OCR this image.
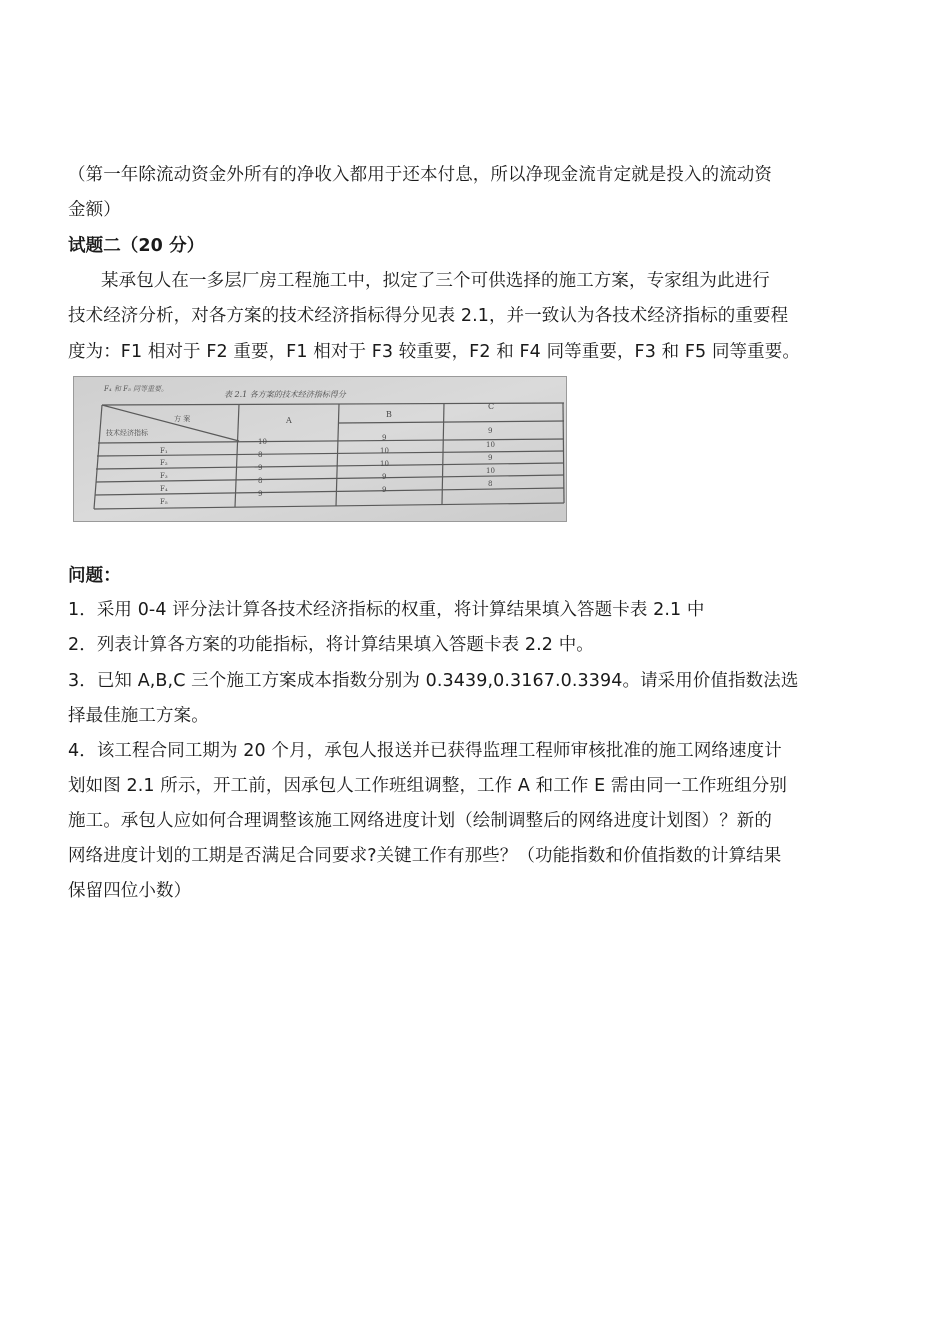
（第一年除流动资金外所有的净收入都用于还本付息，所以净现金流肯定就是投入的流动资
金额）
试题二（20 分）
某承包人在一多层厂房工程施工中，拟定了三个可供选择的施工方案，专家组为此进行
技术经济分析，对各方案的技术经济指标得分见表 2.1，并一致认为各技术经济指标的重要程
度为：F1 相对于 F2 重要，F1 相对于 F3 较重要，F2 和 F4 同等重要，F3 和 F5 同等重要。
F₄ 和 F₅ 同等重要。
表 2.1 各方案的技术经济指标得分
方 案
技术经济指标
A
B
C
F₁
F₂
F₃
F₄
F₅
10
8
9
8
9
9
10
10
9
9
9
10
9
10
8
问题：
1．采用 0-4 评分法计算各技术经济指标的权重，将计算结果填入答题卡表 2.1 中
2．列表计算各方案的功能指标，将计算结果填入答题卡表 2.2 中。
3．已知 A,B,C 三个施工方案成本指数分别为 0.3439,0.3167.0.3394。请采用价值指数法选
择最佳施工方案。
4．该工程合同工期为 20 个月，承包人报送并已获得监理工程师审核批准的施工网络速度计
划如图 2.1 所示，开工前，因承包人工作班组调整，工作 A 和工作 E 需由同一工作班组分别
施工。承包人应如何合理调整该施工网络进度计划（绘制调整后的网络进度计划图）？新的
网络进度计划的工期是否满足合同要求?关键工作有那些？（功能指数和价值指数的计算结果
保留四位小数）
